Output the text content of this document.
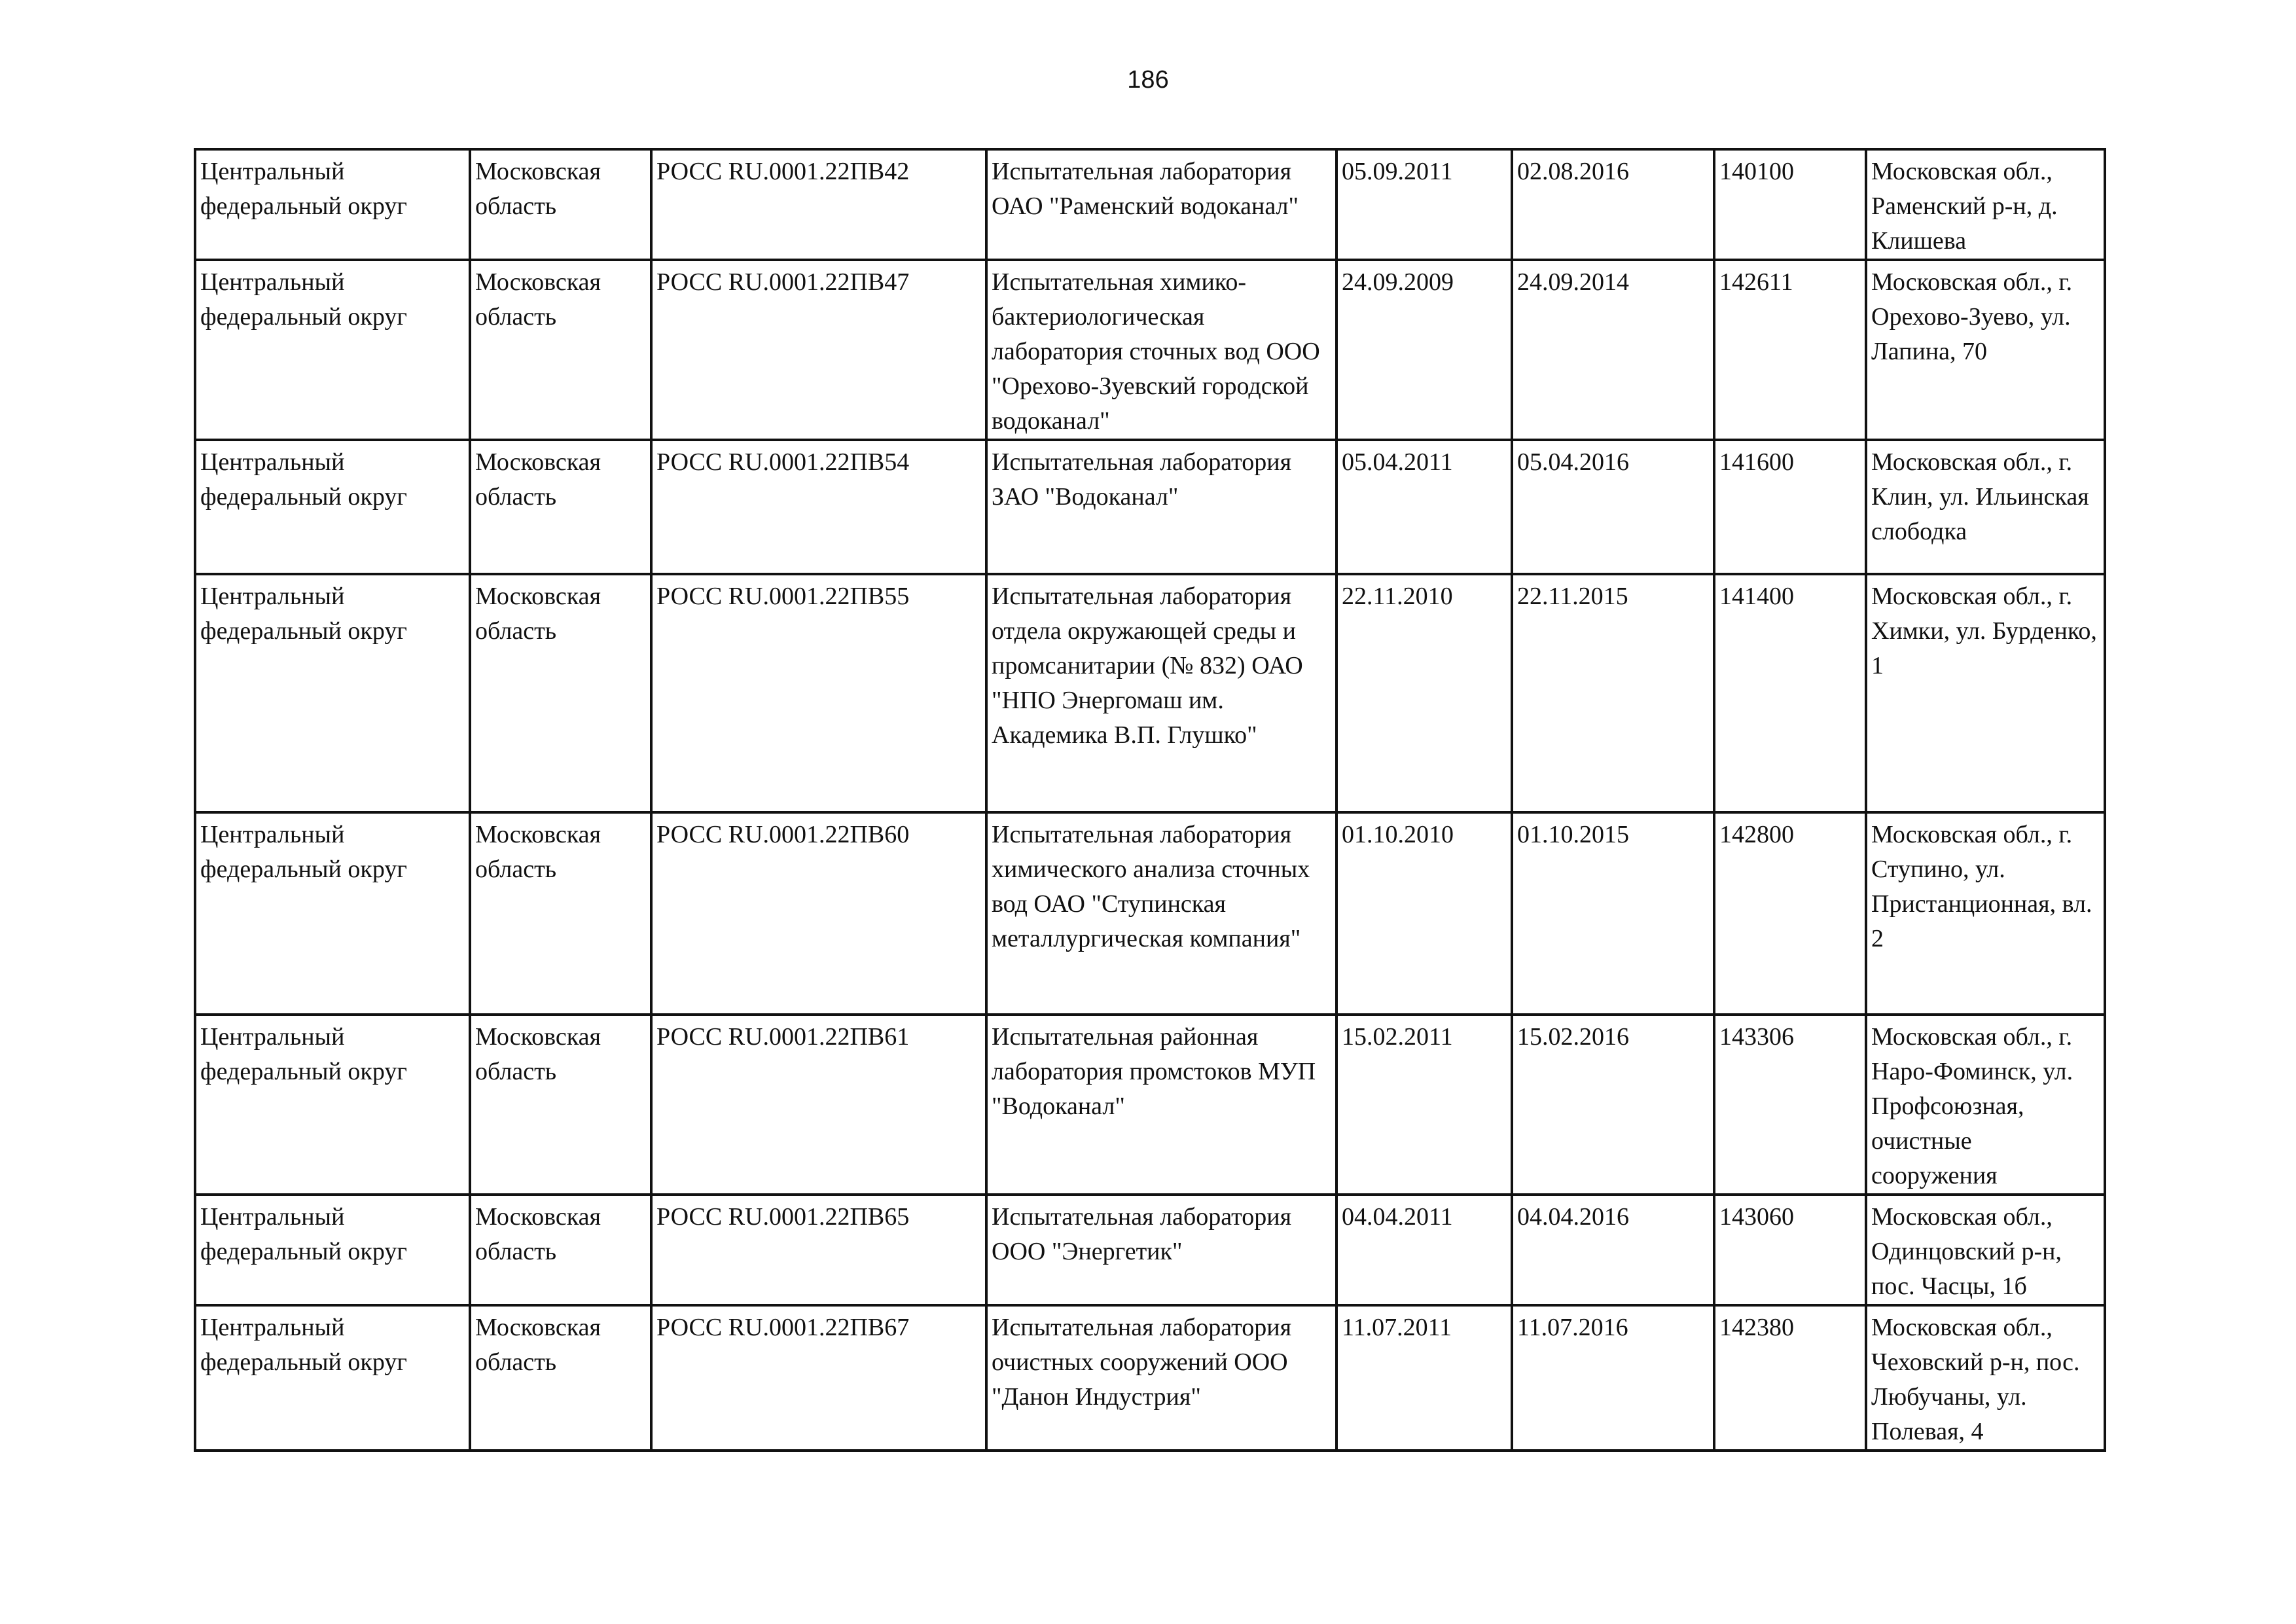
186
Центральный федеральный округ	Московская область	РОСС RU.0001.22ПВ42	Испытательная лаборатория ОАО "Раменский водоканал"	05.09.2011	02.08.2016	140100	Московская обл., Раменский р-н, д. Клишева

Центральный федеральный округ	Московская область	РОСС RU.0001.22ПВ47	Испытательная химико-бактериологическая лаборатория сточных вод ООО "Орехово-Зуевский городской водоканал"	24.09.2009	24.09.2014	142611	Московская обл., г. Орехово-Зуево, ул. Лапина, 70

Центральный федеральный округ	Московская область	РОСС RU.0001.22ПВ54	Испытательная лаборатория ЗАО "Водоканал"	05.04.2011	05.04.2016	141600	Московская обл., г. Клин, ул. Ильинская слободка

Центральный федеральный округ	Московская область	РОСС RU.0001.22ПВ55	Испытательная лаборатория отдела окружающей среды и промсанитарии (№ 832) ОАО "НПО Энергомаш им. Академика В.П. Глушко"	22.11.2010	22.11.2015	141400	Московская обл., г. Химки, ул. Бурденко, 1

Центральный федеральный округ	Московская область	РОСС RU.0001.22ПВ60	Испытательная лаборатория химического анализа сточных вод ОАО "Ступинская металлургическая компания"	01.10.2010	01.10.2015	142800	Московская обл., г. Ступино, ул. Пристанционная, вл. 2

Центральный федеральный округ	Московская область	РОСС RU.0001.22ПВ61	Испытательная районная лаборатория промстоков МУП "Водоканал"	15.02.2011	15.02.2016	143306	Московская обл., г. Наро-Фоминск, ул. Профсоюзная, очистные сооружения

Центральный федеральный округ	Московская область	РОСС RU.0001.22ПВ65	Испытательная лаборатория ООО "Энергетик"	04.04.2011	04.04.2016	143060	Московская обл., Одинцовский р-н, пос. Часцы, 1б

Центральный федеральный округ	Московская область	РОСС RU.0001.22ПВ67	Испытательная лаборатория очистных сооружений ООО "Данон Индустрия"	11.07.2011	11.07.2016	142380	Московская обл., Чеховский р-н, пос. Любучаны, ул. Полевая, 4
